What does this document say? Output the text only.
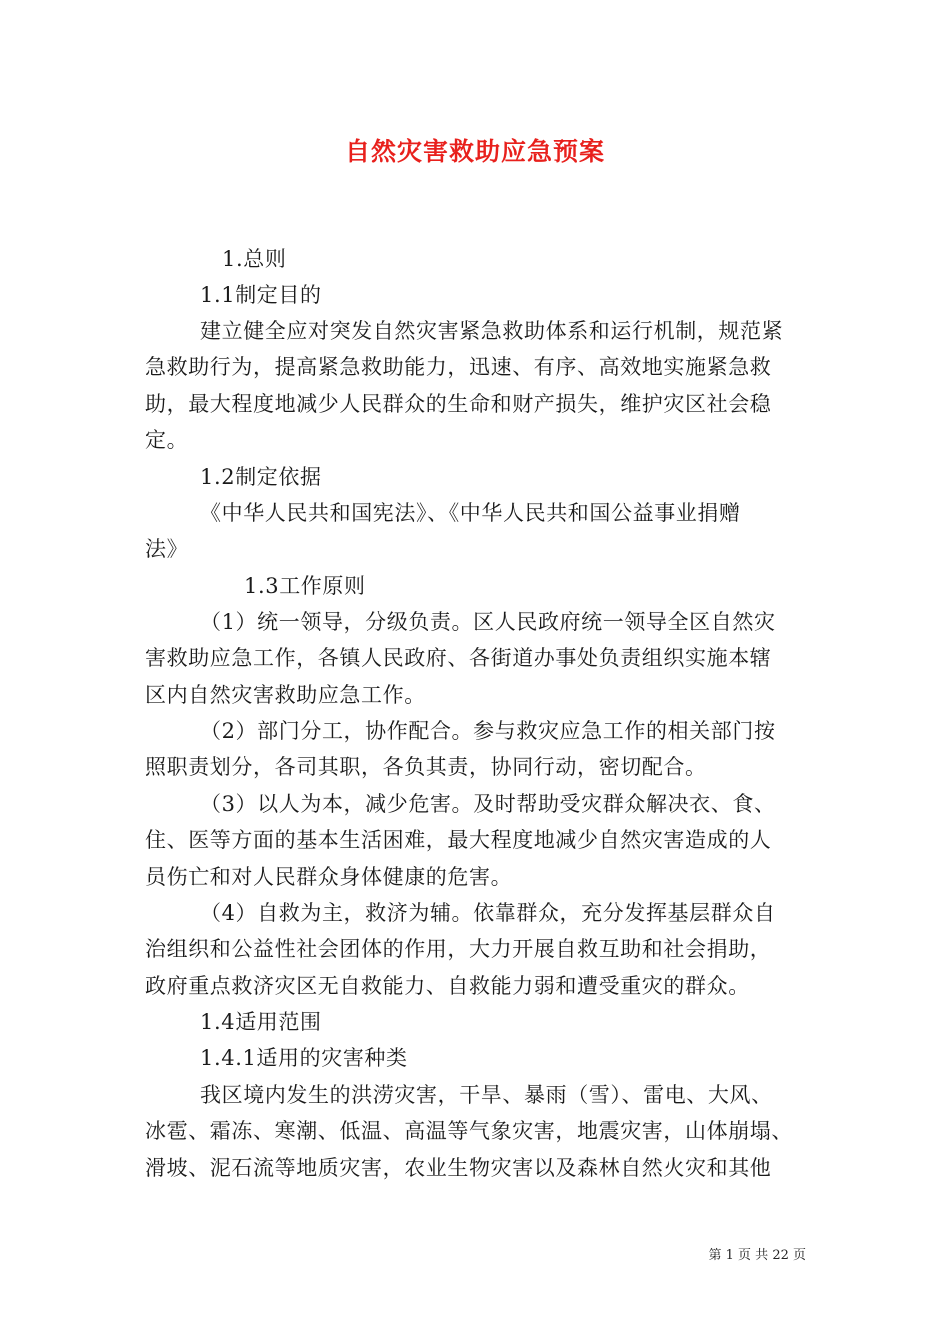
自然灾害救助应急预案
1.总则
1.1制定目的
建立健全应对突发自然灾害紧急救助体系和运行机制，规范紧
急救助行为，提高紧急救助能力，迅速、有序、高效地实施紧急救
助，最大程度地减少人民群众的生命和财产损失，维护灾区社会稳
定。
1.2制定依据
《中华人民共和国宪法》、《中华人民共和国公益事业捐赠
法》
1.3工作原则
（1）统一领导，分级负责。区人民政府统一领导全区自然灾
害救助应急工作，各镇人民政府、各街道办事处负责组织实施本辖
区内自然灾害救助应急工作。
（2）部门分工，协作配合。参与救灾应急工作的相关部门按
照职责划分，各司其职，各负其责，协同行动，密切配合。
（3）以人为本，减少危害。及时帮助受灾群众解决衣、食、
住、医等方面的基本生活困难，最大程度地减少自然灾害造成的人
员伤亡和对人民群众身体健康的危害。
（4）自救为主，救济为辅。依靠群众，充分发挥基层群众自
治组织和公益性社会团体的作用，大力开展自救互助和社会捐助，
政府重点救济灾区无自救能力、自救能力弱和遭受重灾的群众。
1.4适用范围
1.4.1适用的灾害种类
我区境内发生的洪涝灾害，干旱、暴雨（雪）、雷电、大风、
冰雹、霜冻、寒潮、低温、高温等气象灾害，地震灾害，山体崩塌、
滑坡、泥石流等地质灾害，农业生物灾害以及森林自然火灾和其他
第 1 页 共 22 页
